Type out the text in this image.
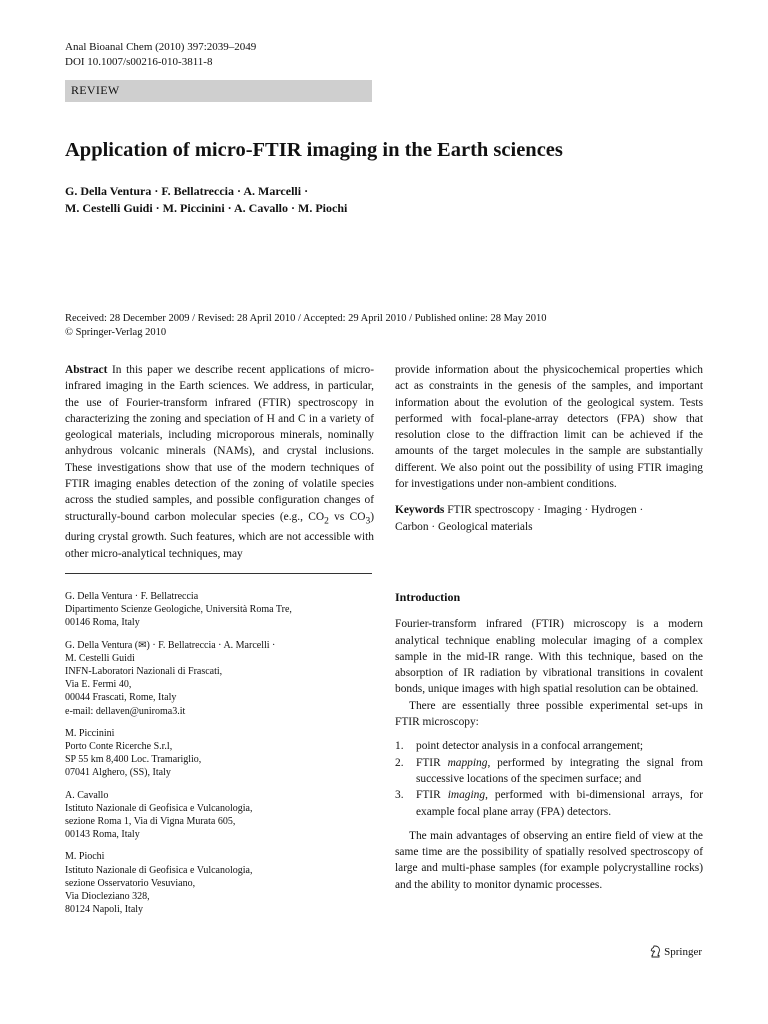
Anal Bioanal Chem (2010) 397:2039–2049
DOI 10.1007/s00216-010-3811-8
REVIEW
Application of micro-FTIR imaging in the Earth sciences
G. Della Ventura · F. Bellatreccia · A. Marcelli ·
M. Cestelli Guidi · M. Piccinini · A. Cavallo · M. Piochi
Received: 28 December 2009 / Revised: 28 April 2010 / Accepted: 29 April 2010 / Published online: 28 May 2010
© Springer-Verlag 2010

Abstract In this paper we describe recent applications of micro-infrared imaging in the Earth sciences. We address, in particular, the use of Fourier-transform infrared (FTIR) spectroscopy in characterizing the zoning and speciation of H and C in a variety of geological materials, including microporous minerals, nominally anhydrous volcanic minerals (NAMs), and crystal inclusions. These investigations show that use of the modern techniques of FTIR imaging enables detection of the zoning of volatile species across the studied samples, and possible configuration changes of structurally-bound carbon molecular species (e.g., $CO_2$ vs $CO_3$) during crystal growth. Such features, which are not accessible with other micro-analytical techniques, may

G. Della Ventura · F. Bellatreccia
Dipartimento Scienze Geologiche, Università Roma Tre,
00146 Roma, Italy
G. Della Ventura (✉) · F. Bellatreccia · A. Marcelli ·
M. Cestelli Guidi
INFN-Laboratori Nazionali di Frascati,
Via E. Fermi 40,
00044 Frascati, Rome, Italy
e-mail: dellaven@uniroma3.it
M. Piccinini
Porto Conte Ricerche S.r.l,
SP 55 km 8,400 Loc. Tramariglio,
07041 Alghero, (SS), Italy
A. Cavallo
Istituto Nazionale di Geofisica e Vulcanologia,
sezione Roma 1, Via di Vigna Murata 605,
00143 Roma, Italy
M. Piochi
Istituto Nazionale di Geofisica e Vulcanologia,
sezione Osservatorio Vesuviano,
Via Diocleziano 328,
80124 Napoli, Italy

provide information about the physicochemical properties which act as constraints in the genesis of the samples, and important information about the evolution of the geological system. Tests performed with focal-plane-array detectors (FPA) show that resolution close to the diffraction limit can be achieved if the amounts of the target molecules in the sample are substantially different. We also point out the possibility of using FTIR imaging for investigations under non-ambient conditions.

Keywords FTIR spectroscopy · Imaging · Hydrogen ·
Carbon · Geological materials

Introduction

Fourier-transform infrared (FTIR) microscopy is a modern analytical technique enabling molecular imaging of a complex sample in the mid-IR range. With this technique, based on the absorption of IR radiation by vibrational transitions in covalent bonds, unique images with high spatial resolution can be obtained.

There are essentially three possible experimental set-ups in FTIR microscopy:

1. point detector analysis in a confocal arrangement;
2. FTIR mapping, performed by integrating the signal from successive locations of the specimen surface; and
3. FTIR imaging, performed with bi-dimensional arrays, for example focal plane array (FPA) detectors.

The main advantages of observing an entire field of view at the same time are the possibility of spatially resolved spectroscopy of large and multi-phase samples (for example polycrystalline rocks) and the ability to monitor dynamic processes.

Springer
